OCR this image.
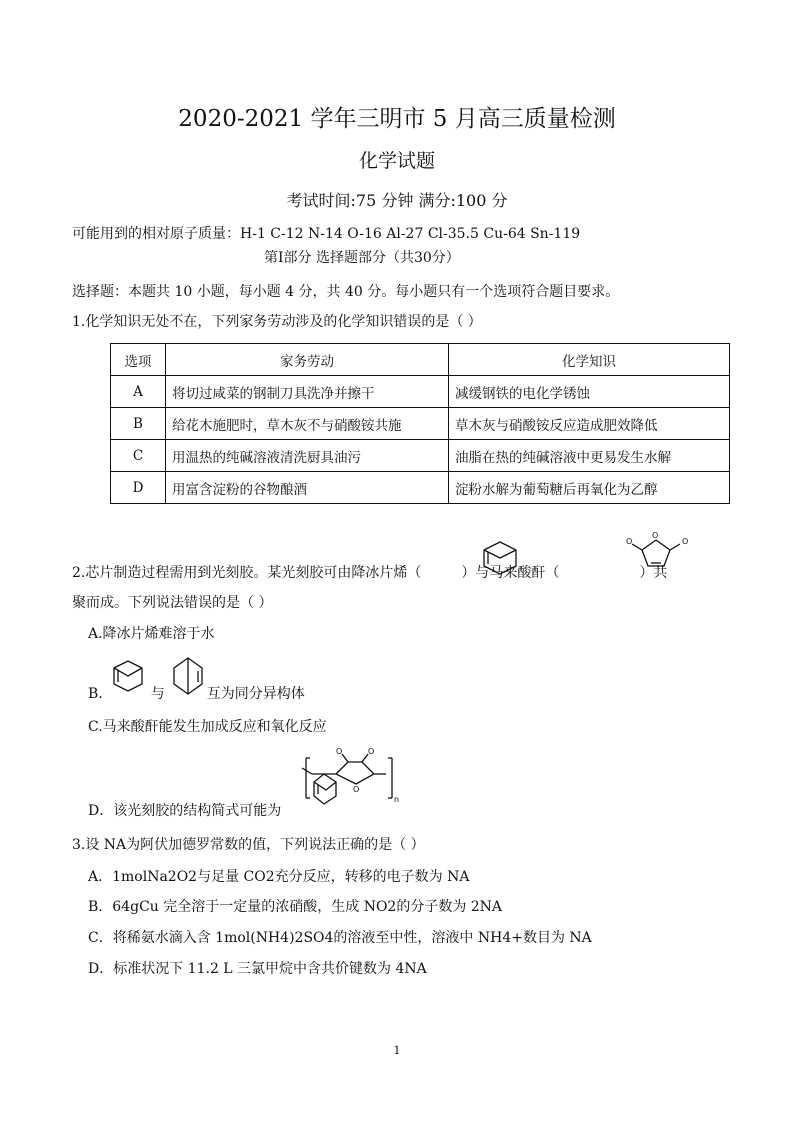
2020-2021 学年三明市 5 月高三质量检测
化学试题
考试时间:75 分钟 满分:100 分
可能用到的相对原子质量：H-1 C-12 N-14 O-16 Al-27 Cl-35.5 Cu-64 Sn-119
第Ⅰ部分 选择题部分（共30分）
选择题：本题共 10 小题，每小题 4 分，共 40 分。每小题只有一个选项符合题目要求。
1.化学知识无处不在，下列家务劳动涉及的化学知识错误的是（ ）
选项	家务劳动	化学知识
A	将切过咸菜的钢制刀具洗净并擦干	减缓钢铁的电化学锈蚀
B	给花木施肥时，草木灰不与硝酸铵共施	草木灰与硝酸铵反应造成肥效降低
C	用温热的纯碱溶液清洗厨具油污	油脂在热的纯碱溶液中更易发生水解
D	用富含淀粉的谷物酿酒	淀粉水解为葡萄糖后再氧化为乙醇
2.芯片制造过程需用到光刻胶。某光刻胶可由降冰片烯（	）与马来酸酐（	）共
O
O
O
聚而成。下列说法错误的是（ ）
A.降冰片烯难溶于水
B.	与	互为同分异构体
C.马来酸酐能发生加成反应和氧化反应
D．该光刻胶的结构简式可能为
O
O
O
n
3.设 NA为阿伏加德罗常数的值，下列说法正确的是（ ）
A．1molNa2O2与足量 CO2充分反应，转移的电子数为 NA
B．64gCu 完全溶于一定量的浓硝酸，生成 NO2的分子数为 2NA
C．将稀氨水滴入含 1mol(NH4)2SO4的溶液至中性，溶液中 NH4+数目为 NA
D．标准状况下 11.2 L 三氯甲烷中含共价键数为 4NA
1
